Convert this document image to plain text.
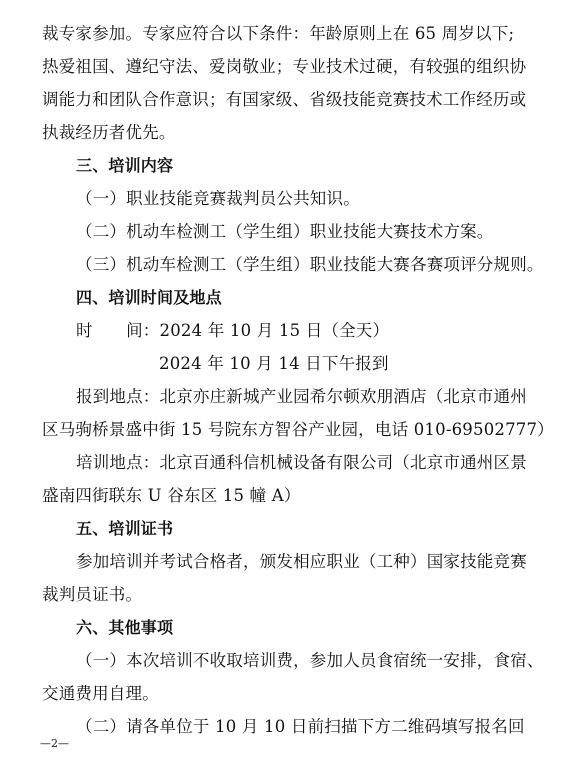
裁专家参加。专家应符合以下条件：年龄原则上在 65 周岁以下;
热爱祖国、遵纪守法、爱岗敬业；专业技术过硬，有较强的组织协
调能力和团队合作意识；有国家级、省级技能竞赛技术工作经历或
执裁经历者优先。
三、培训内容
（一）职业技能竞赛裁判员公共知识。
（二）机动车检测工（学生组）职业技能大赛技术方案。
（三）机动车检测工（学生组）职业技能大赛各赛项评分规则。
四、培训时间及地点
时　　间：2024 年 10 月 15 日（全天）
2024 年 10 月 14 日下午报到
报到地点：北京亦庄新城产业园希尔顿欢朋酒店（北京市通州
区马驹桥景盛中街 15 号院东方智谷产业园，电话 010-69502777）
培训地点：北京百通科信机械设备有限公司（北京市通州区景
盛南四街联东 U 谷东区 15 幢 A）
五、培训证书
参加培训并考试合格者，颁发相应职业（工种）国家技能竞赛
裁判员证书。
六、其他事项
（一）本次培训不收取培训费，参加人员食宿统一安排，食宿、
交通费用自理。
（二）请各单位于 10 月 10 日前扫描下方二维码填写报名回
—2—
